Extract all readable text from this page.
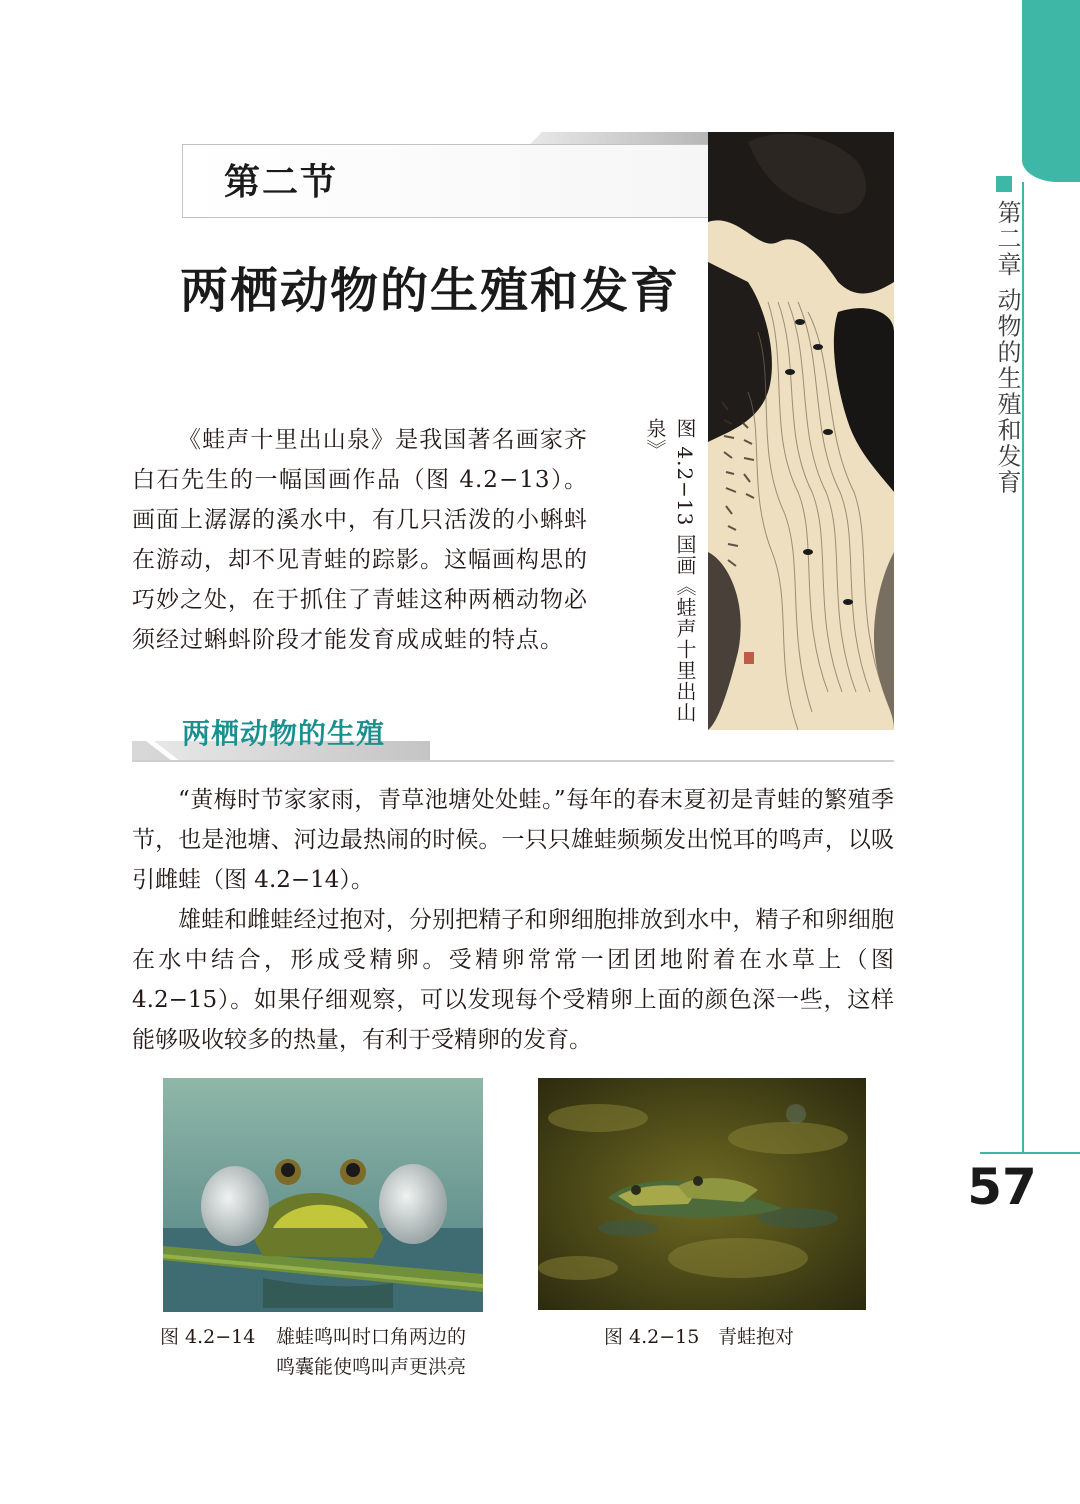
第二章 动物的生殖和发育
57
第二节
两栖动物的生殖和发育
图 4.2−13 国画《蛙声十里出山泉》

《蛙声十里出山泉》是我国著名画家齐白石先生的一幅国画作品（图 4.2−13）。画面上潺潺的溪水中，有几只活泼的小蝌蚪在游动，却不见青蛙的踪影。这幅画构思的巧妙之处，在于抓住了青蛙这种两栖动物必须经过蝌蚪阶段才能发育成成蛙的特点。

两栖动物的生殖

“黄梅时节家家雨，青草池塘处处蛙。”每年的春末夏初是青蛙的繁殖季节，也是池塘、河边最热闹的时候。一只只雄蛙频频发出悦耳的鸣声，以吸引雌蛙（图 4.2−14）。

雄蛙和雌蛙经过抱对，分别把精子和卵细胞排放到水中，精子和卵细胞在水中结合，形成受精卵。受精卵常常一团团地附着在水草上（图 4.2−15）。如果仔细观察，可以发现每个受精卵上面的颜色深一些，这样能够吸收较多的热量，有利于受精卵的发育。

图 4.2−14 雄蛙鸣叫时口角两边的
鸣囊能使鸣叫声更洪亮
图 4.2−15 青蛙抱对
